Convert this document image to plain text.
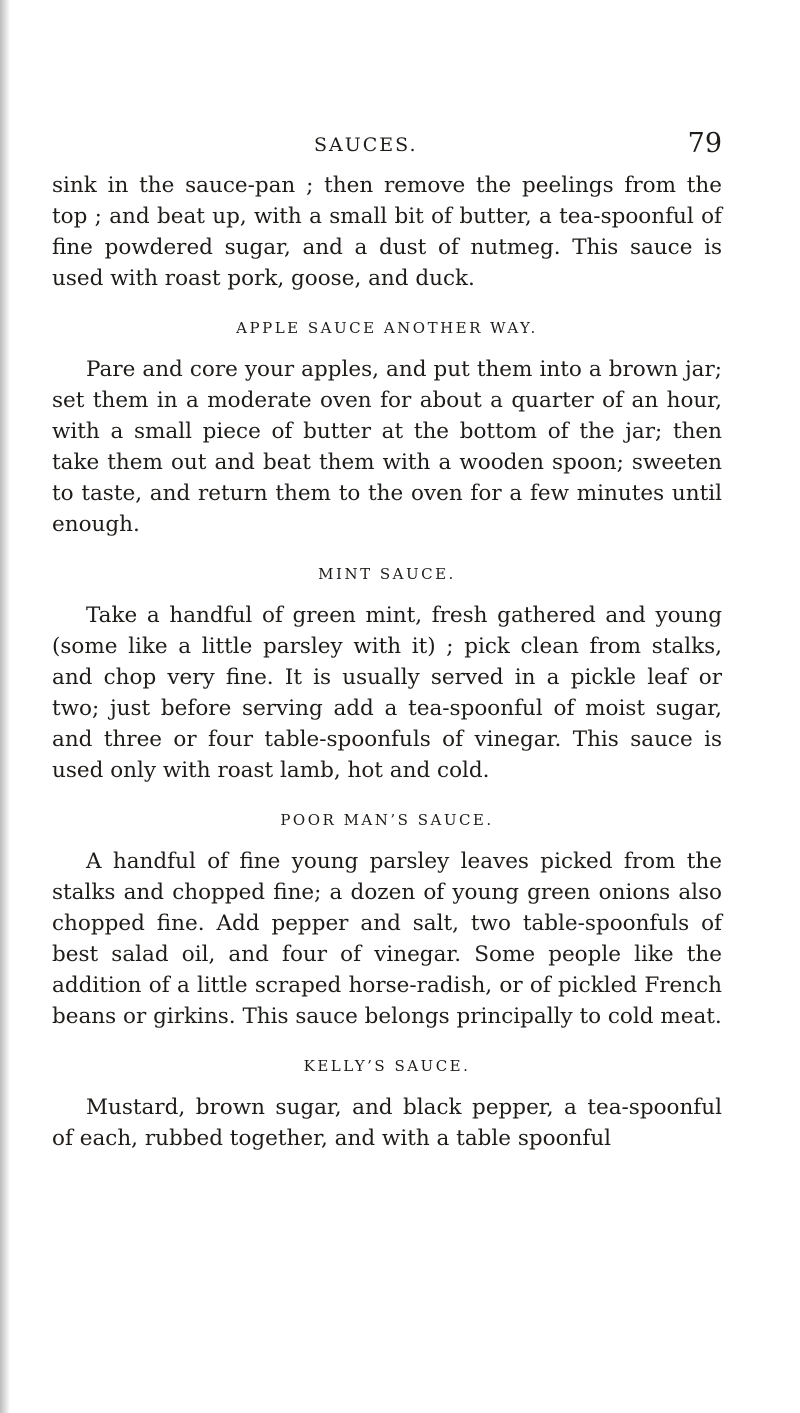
SAUCES.	79

sink in the sauce-pan ; then remove the peelings from the top ; and beat up, with a small bit of butter, a tea-spoonful of fine powdered sugar, and a dust of nutmeg. This sauce is used with roast pork, goose, and duck.

APPLE SAUCE ANOTHER WAY.

Pare and core your apples, and put them into a brown jar; set them in a moderate oven for about a quarter of an hour, with a small piece of butter at the bottom of the jar; then take them out and beat them with a wooden spoon; sweeten to taste, and return them to the oven for a few minutes until enough.

MINT SAUCE.

Take a handful of green mint, fresh gathered and young (some like a little parsley with it) ; pick clean from stalks, and chop very fine. It is usually served in a pickle leaf or two; just before serving add a tea-spoonful of moist sugar, and three or four table-spoonfuls of vinegar. This sauce is used only with roast lamb, hot and cold.

POOR MAN’S SAUCE.

A handful of fine young parsley leaves picked from the stalks and chopped fine; a dozen of young green onions also chopped fine. Add pepper and salt, two table-spoonfuls of best salad oil, and four of vinegar. Some people like the addition of a little scraped horse-radish, or of pickled French beans or girkins. This sauce belongs principally to cold meat.

KELLY’S SAUCE.

Mustard, brown sugar, and black pepper, a tea-spoonful of each, rubbed together, and with a table spoonful
